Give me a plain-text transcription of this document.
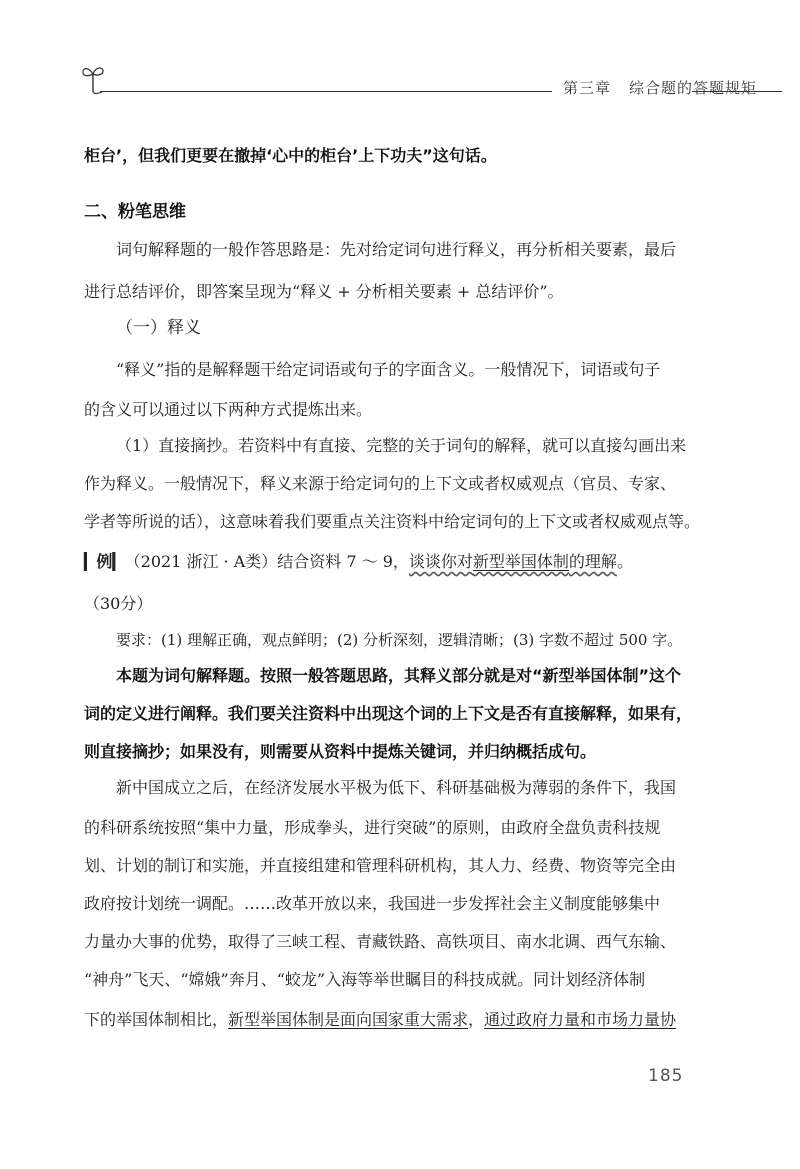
第三章 综合题的答题规矩
柜台’，但我们更要在撤掉‘心中的柜台’上下功夫”这句话。
二、粉笔思维
词句解释题的一般作答思路是：先对给定词句进行释义，再分析相关要素，最后
进行总结评价，即答案呈现为“释义 + 分析相关要素 + 总结评价”。
（一）释义
“释义”指的是解释题干给定词语或句子的字面含义。一般情况下，词语或句子
的含义可以通过以下两种方式提炼出来。
（1）直接摘抄。若资料中有直接、完整的关于词句的解释，就可以直接勾画出来
作为释义。一般情况下，释义来源于给定词句的上下文或者权威观点（官员、专家、
学者等所说的话），这意味着我们要重点关注资料中给定词句的上下文或者权威观点等。
▎例▎（2021 浙江 · A类）结合资料 7 ～ 9，谈谈你对新型举国体制的理解。
（30分）
要求：(1) 理解正确，观点鲜明；(2) 分析深刻，逻辑清晰；(3) 字数不超过 500 字。
本题为词句解释题。按照一般答题思路，其释义部分就是对“新型举国体制”这个
词的定义进行阐释。我们要关注资料中出现这个词的上下文是否有直接解释，如果有，
则直接摘抄；如果没有，则需要从资料中提炼关键词，并归纳概括成句。
新中国成立之后，在经济发展水平极为低下、科研基础极为薄弱的条件下，我国
的科研系统按照“集中力量，形成拳头，进行突破”的原则，由政府全盘负责科技规
划、计划的制订和实施，并直接组建和管理科研机构，其人力、经费、物资等完全由
政府按计划统一调配。……改革开放以来，我国进一步发挥社会主义制度能够集中
力量办大事的优势，取得了三峡工程、青藏铁路、高铁项目、南水北调、西气东输、
“神舟”飞天、“嫦娥”奔月、“蛟龙”入海等举世瞩目的科技成就。同计划经济体制
下的举国体制相比，新型举国体制是面向国家重大需求，通过政府力量和市场力量协
185
